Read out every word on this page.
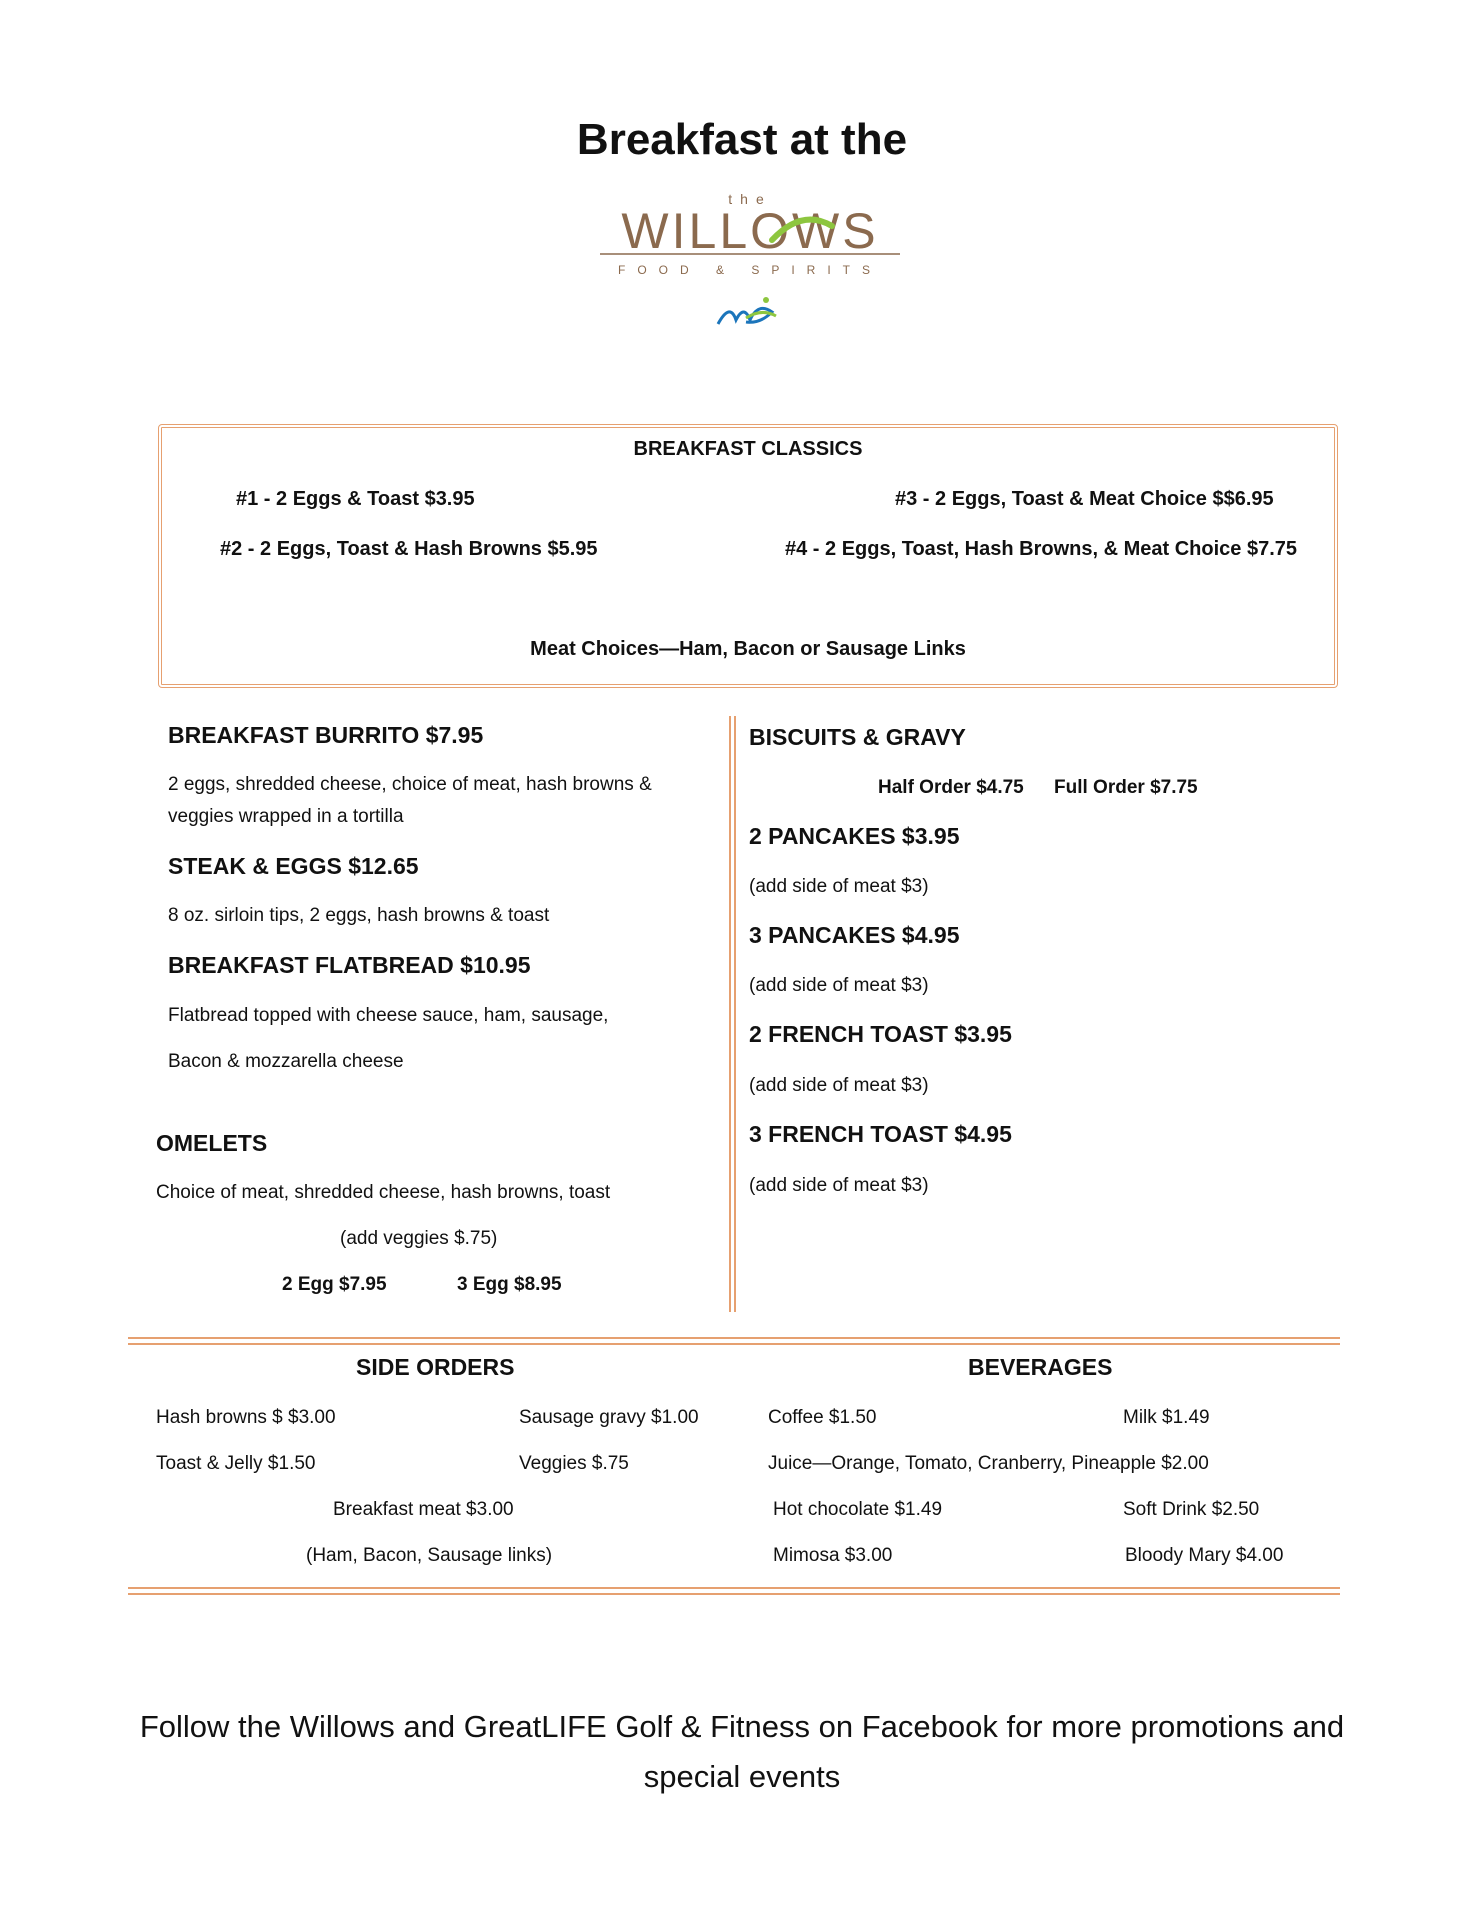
Breakfast at the
the
WILLOWS
FOOD & SPIRITS
BREAKFAST CLASSICS
#1 - 2 Eggs & Toast $3.95
#2 - 2 Eggs, Toast & Hash Browns $5.95
#3 - 2 Eggs, Toast & Meat Choice $$6.95
#4 - 2 Eggs, Toast, Hash Browns, & Meat Choice $7.75
Meat Choices—Ham, Bacon or Sausage Links
BREAKFAST BURRITO $7.95
2 eggs, shredded cheese, choice of meat, hash browns &
veggies wrapped in a tortilla
STEAK & EGGS $12.65
8 oz. sirloin tips, 2 eggs, hash browns & toast
BREAKFAST FLATBREAD $10.95
Flatbread topped with cheese sauce, ham, sausage,
Bacon & mozzarella cheese
OMELETS
Choice of meat, shredded cheese, hash browns, toast
(add veggies $.75)
2 Egg $7.95	3 Egg $8.95
BISCUITS & GRAVY
Half Order $4.75 Full Order $7.75
2 PANCAKES $3.95
(add side of meat $3)
3 PANCAKES $4.95
(add side of meat $3)
2 FRENCH TOAST $3.95
(add side of meat $3)
3 FRENCH TOAST $4.95
(add side of meat $3)
SIDE ORDERS
Hash browns $ $3.00	Sausage gravy $1.00
Toast & Jelly $1.50	Veggies $.75
Breakfast meat $3.00
(Ham, Bacon, Sausage links)
BEVERAGES
Coffee $1.50	Milk $1.49
Juice—Orange, Tomato, Cranberry, Pineapple $2.00
Hot chocolate $1.49	Soft Drink $2.50
Mimosa $3.00	Bloody Mary $4.00
Follow the Willows and GreatLIFE Golf & Fitness on Facebook for more promotions and
special events
